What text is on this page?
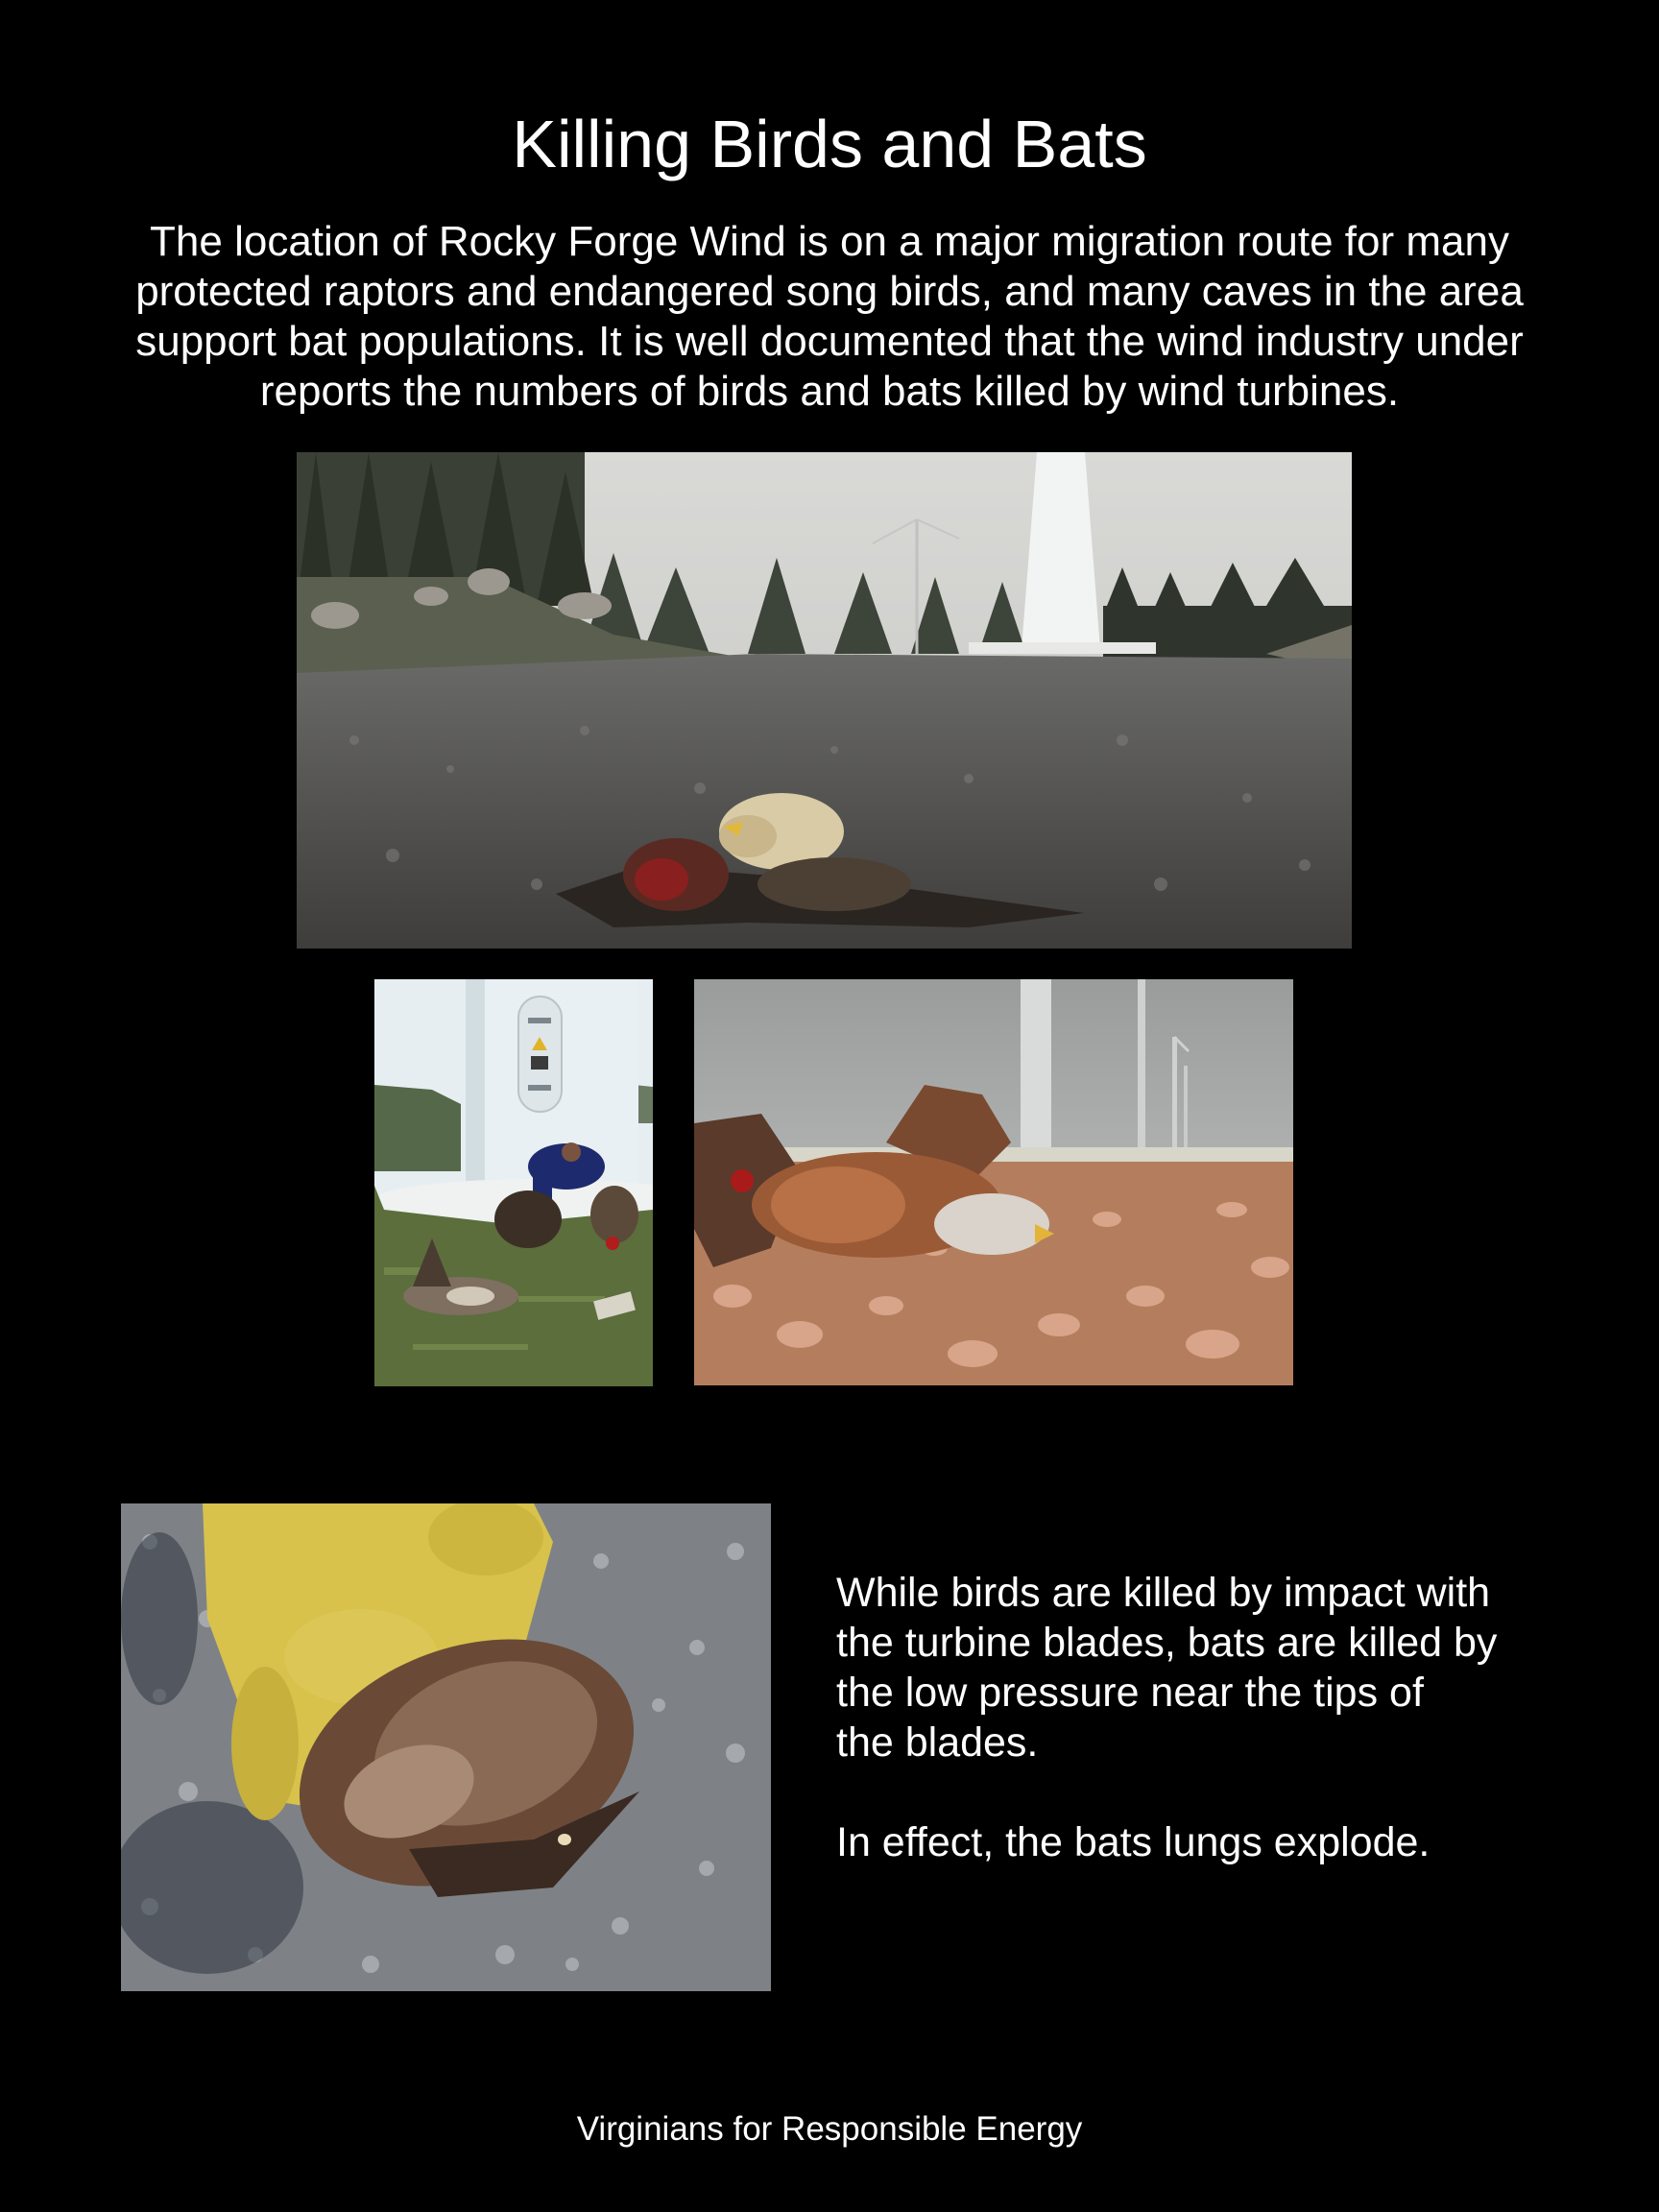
Killing Birds and Bats

The location of Rocky Forge Wind is on a major migration route for many protected raptors and endangered song birds, and many caves in the area support bat populations. It is well documented that the wind industry under reports the numbers of birds and bats killed by wind turbines.

While birds are killed by impact with
the turbine blades, bats are killed by
the low pressure near the tips of
the blades.

In effect, the bats lungs explode.

Virginians for Responsible Energy
